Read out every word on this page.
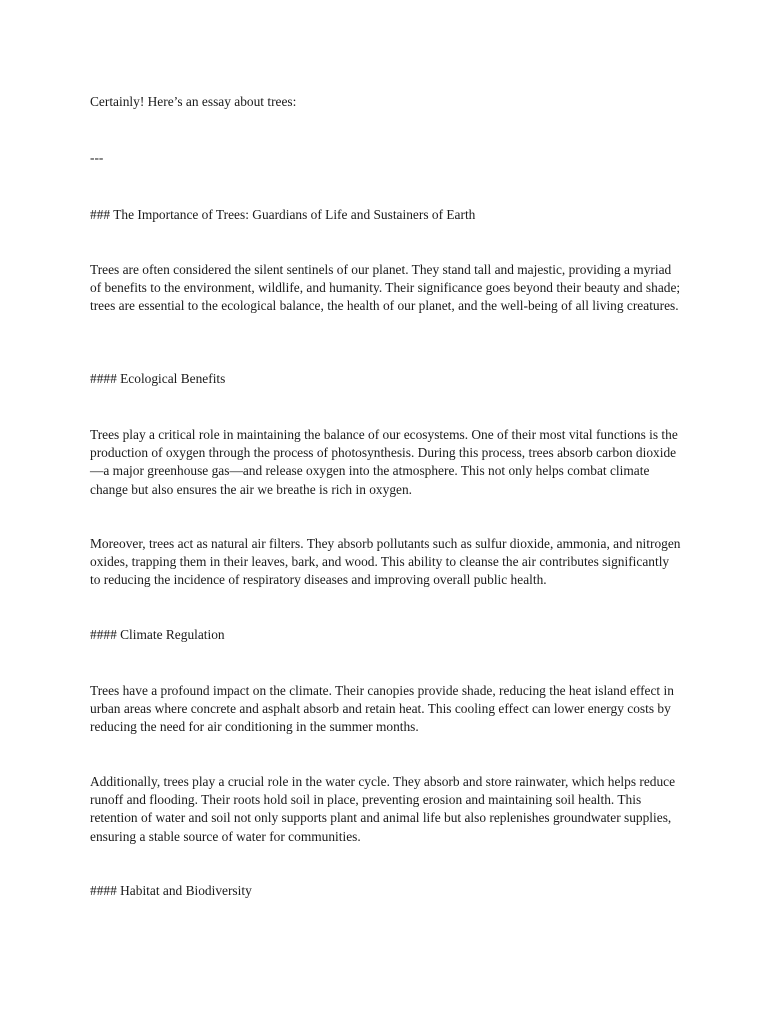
Certainly! Here’s an essay about trees:

---

### The Importance of Trees: Guardians of Life and Sustainers of Earth

Trees are often considered the silent sentinels of our planet. They stand tall and majestic, providing a myriad of benefits to the environment, wildlife, and humanity. Their significance goes beyond their beauty and shade; trees are essential to the ecological balance, the health of our planet, and the well-being of all living creatures.

#### Ecological Benefits

Trees play a critical role in maintaining the balance of our ecosystems. One of their most vital functions is the production of oxygen through the process of photosynthesis. During this process, trees absorb carbon dioxide—a major greenhouse gas—and release oxygen into the atmosphere. This not only helps combat climate change but also ensures the air we breathe is rich in oxygen.

Moreover, trees act as natural air filters. They absorb pollutants such as sulfur dioxide, ammonia, and nitrogen oxides, trapping them in their leaves, bark, and wood. This ability to cleanse the air contributes significantly to reducing the incidence of respiratory diseases and improving overall public health.

#### Climate Regulation

Trees have a profound impact on the climate. Their canopies provide shade, reducing the heat island effect in urban areas where concrete and asphalt absorb and retain heat. This cooling effect can lower energy costs by reducing the need for air conditioning in the summer months.

Additionally, trees play a crucial role in the water cycle. They absorb and store rainwater, which helps reduce runoff and flooding. Their roots hold soil in place, preventing erosion and maintaining soil health. This retention of water and soil not only supports plant and animal life but also replenishes groundwater supplies, ensuring a stable source of water for communities.

#### Habitat and Biodiversity
